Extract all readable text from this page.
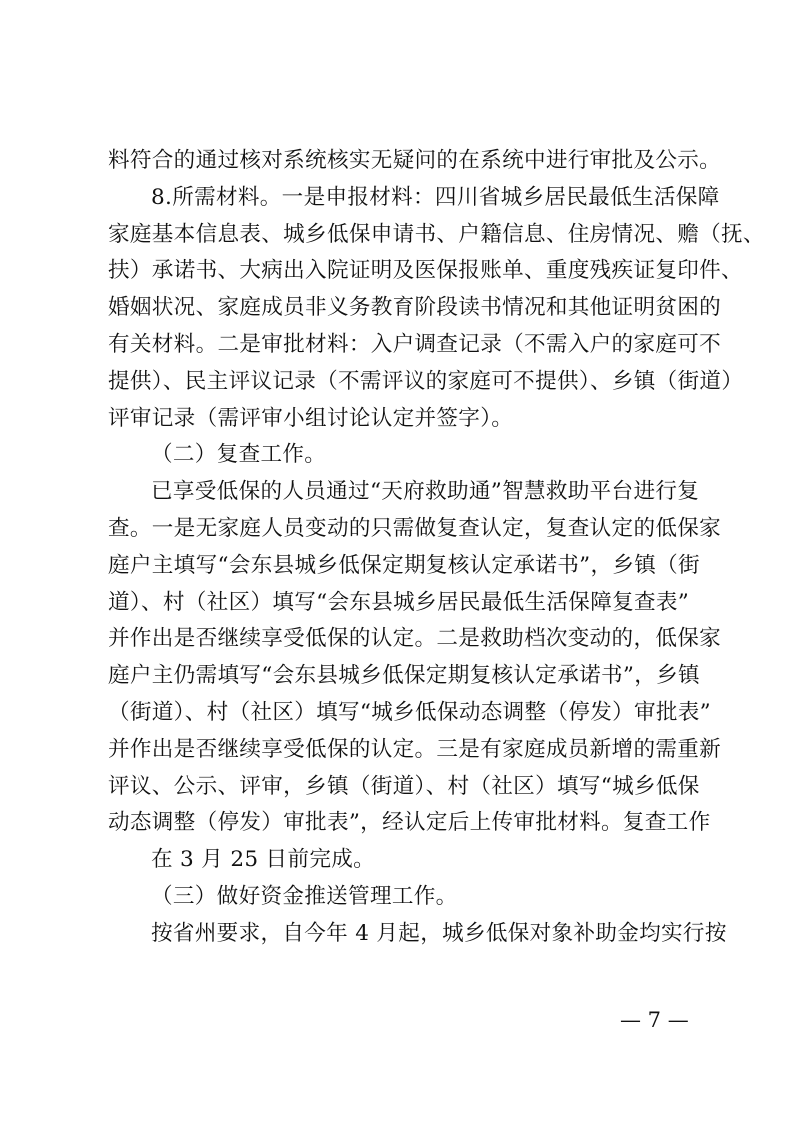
料符合的通过核对系统核实无疑问的在系统中进行审批及公示。
8.所需材料。一是申报材料：四川省城乡居民最低生活保障
家庭基本信息表、城乡低保申请书、户籍信息、住房情况、赡（抚、
扶）承诺书、大病出入院证明及医保报账单、重度残疾证复印件、
婚姻状况、家庭成员非义务教育阶段读书情况和其他证明贫困的
有关材料。二是审批材料：入户调查记录（不需入户的家庭可不
提供）、民主评议记录（不需评议的家庭可不提供）、乡镇（街道）
评审记录（需评审小组讨论认定并签字）。
（二）复查工作。
已享受低保的人员通过“天府救助通”智慧救助平台进行复
查。一是无家庭人员变动的只需做复查认定，复查认定的低保家
庭户主填写“会东县城乡低保定期复核认定承诺书”，乡镇（街
道）、村（社区）填写“会东县城乡居民最低生活保障复查表”
并作出是否继续享受低保的认定。二是救助档次变动的，低保家
庭户主仍需填写“会东县城乡低保定期复核认定承诺书”，乡镇
（街道）、村（社区）填写“城乡低保动态调整（停发）审批表”
并作出是否继续享受低保的认定。三是有家庭成员新增的需重新
评议、公示、评审，乡镇（街道）、村（社区）填写“城乡低保
动态调整（停发）审批表”，经认定后上传审批材料。复查工作
在 3 月 25 日前完成。
（三）做好资金推送管理工作。
按省州要求，自今年 4 月起，城乡低保对象补助金均实行按
— 7 —
